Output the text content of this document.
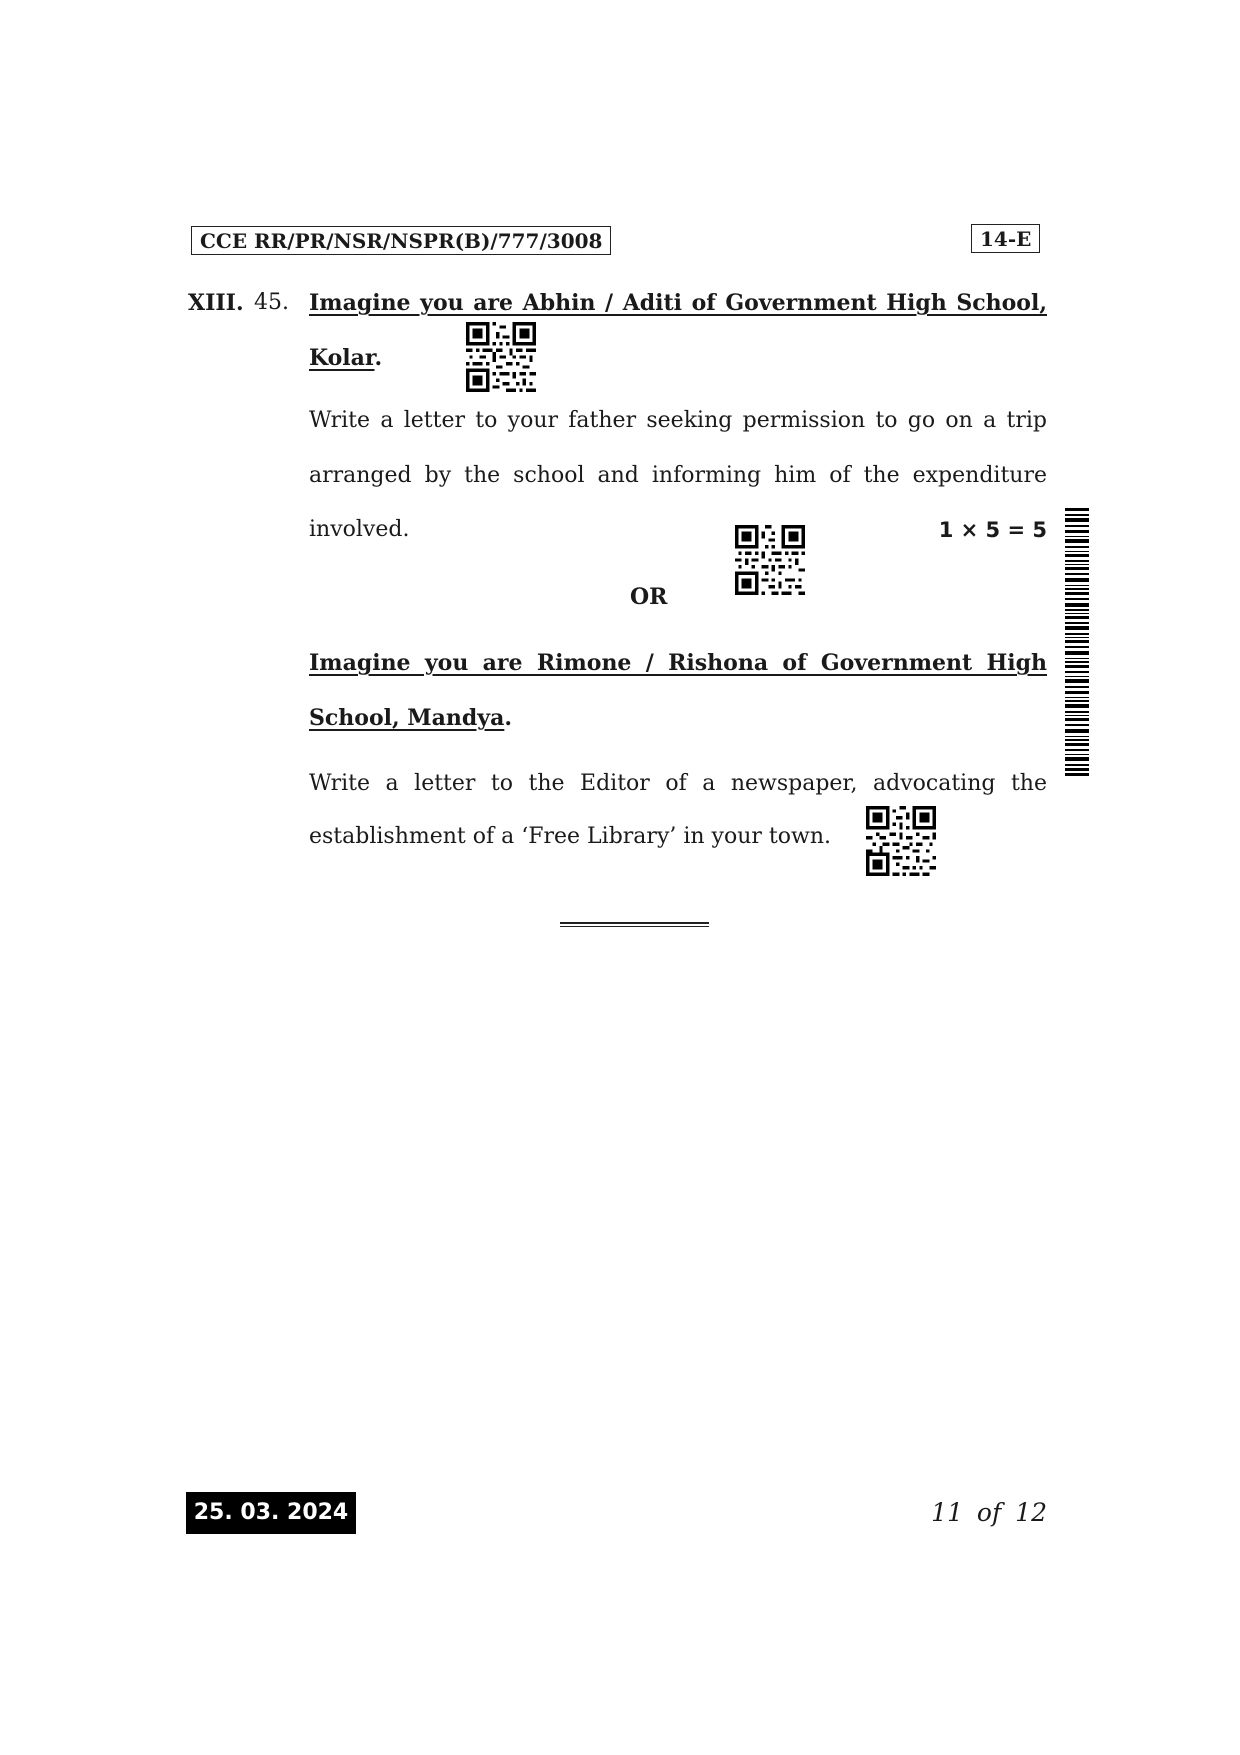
CCE RR/PR/NSR/NSPR(B)/777/3008	14-E
XIII. 45. Imagine you are Abhin / Aditi of Government High School,
Kolar.
Write a letter to your father seeking permission to go on a trip
arranged by the school and informing him of the expenditure
involved.	1 × 5 = 5
OR
Imagine you are Rimone / Rishona of Government High
School, Mandya.
Write a letter to the Editor of a newspaper, advocating the
establishment of a ‘Free Library’ in your town.
25. 03. 2024	11 of 12
